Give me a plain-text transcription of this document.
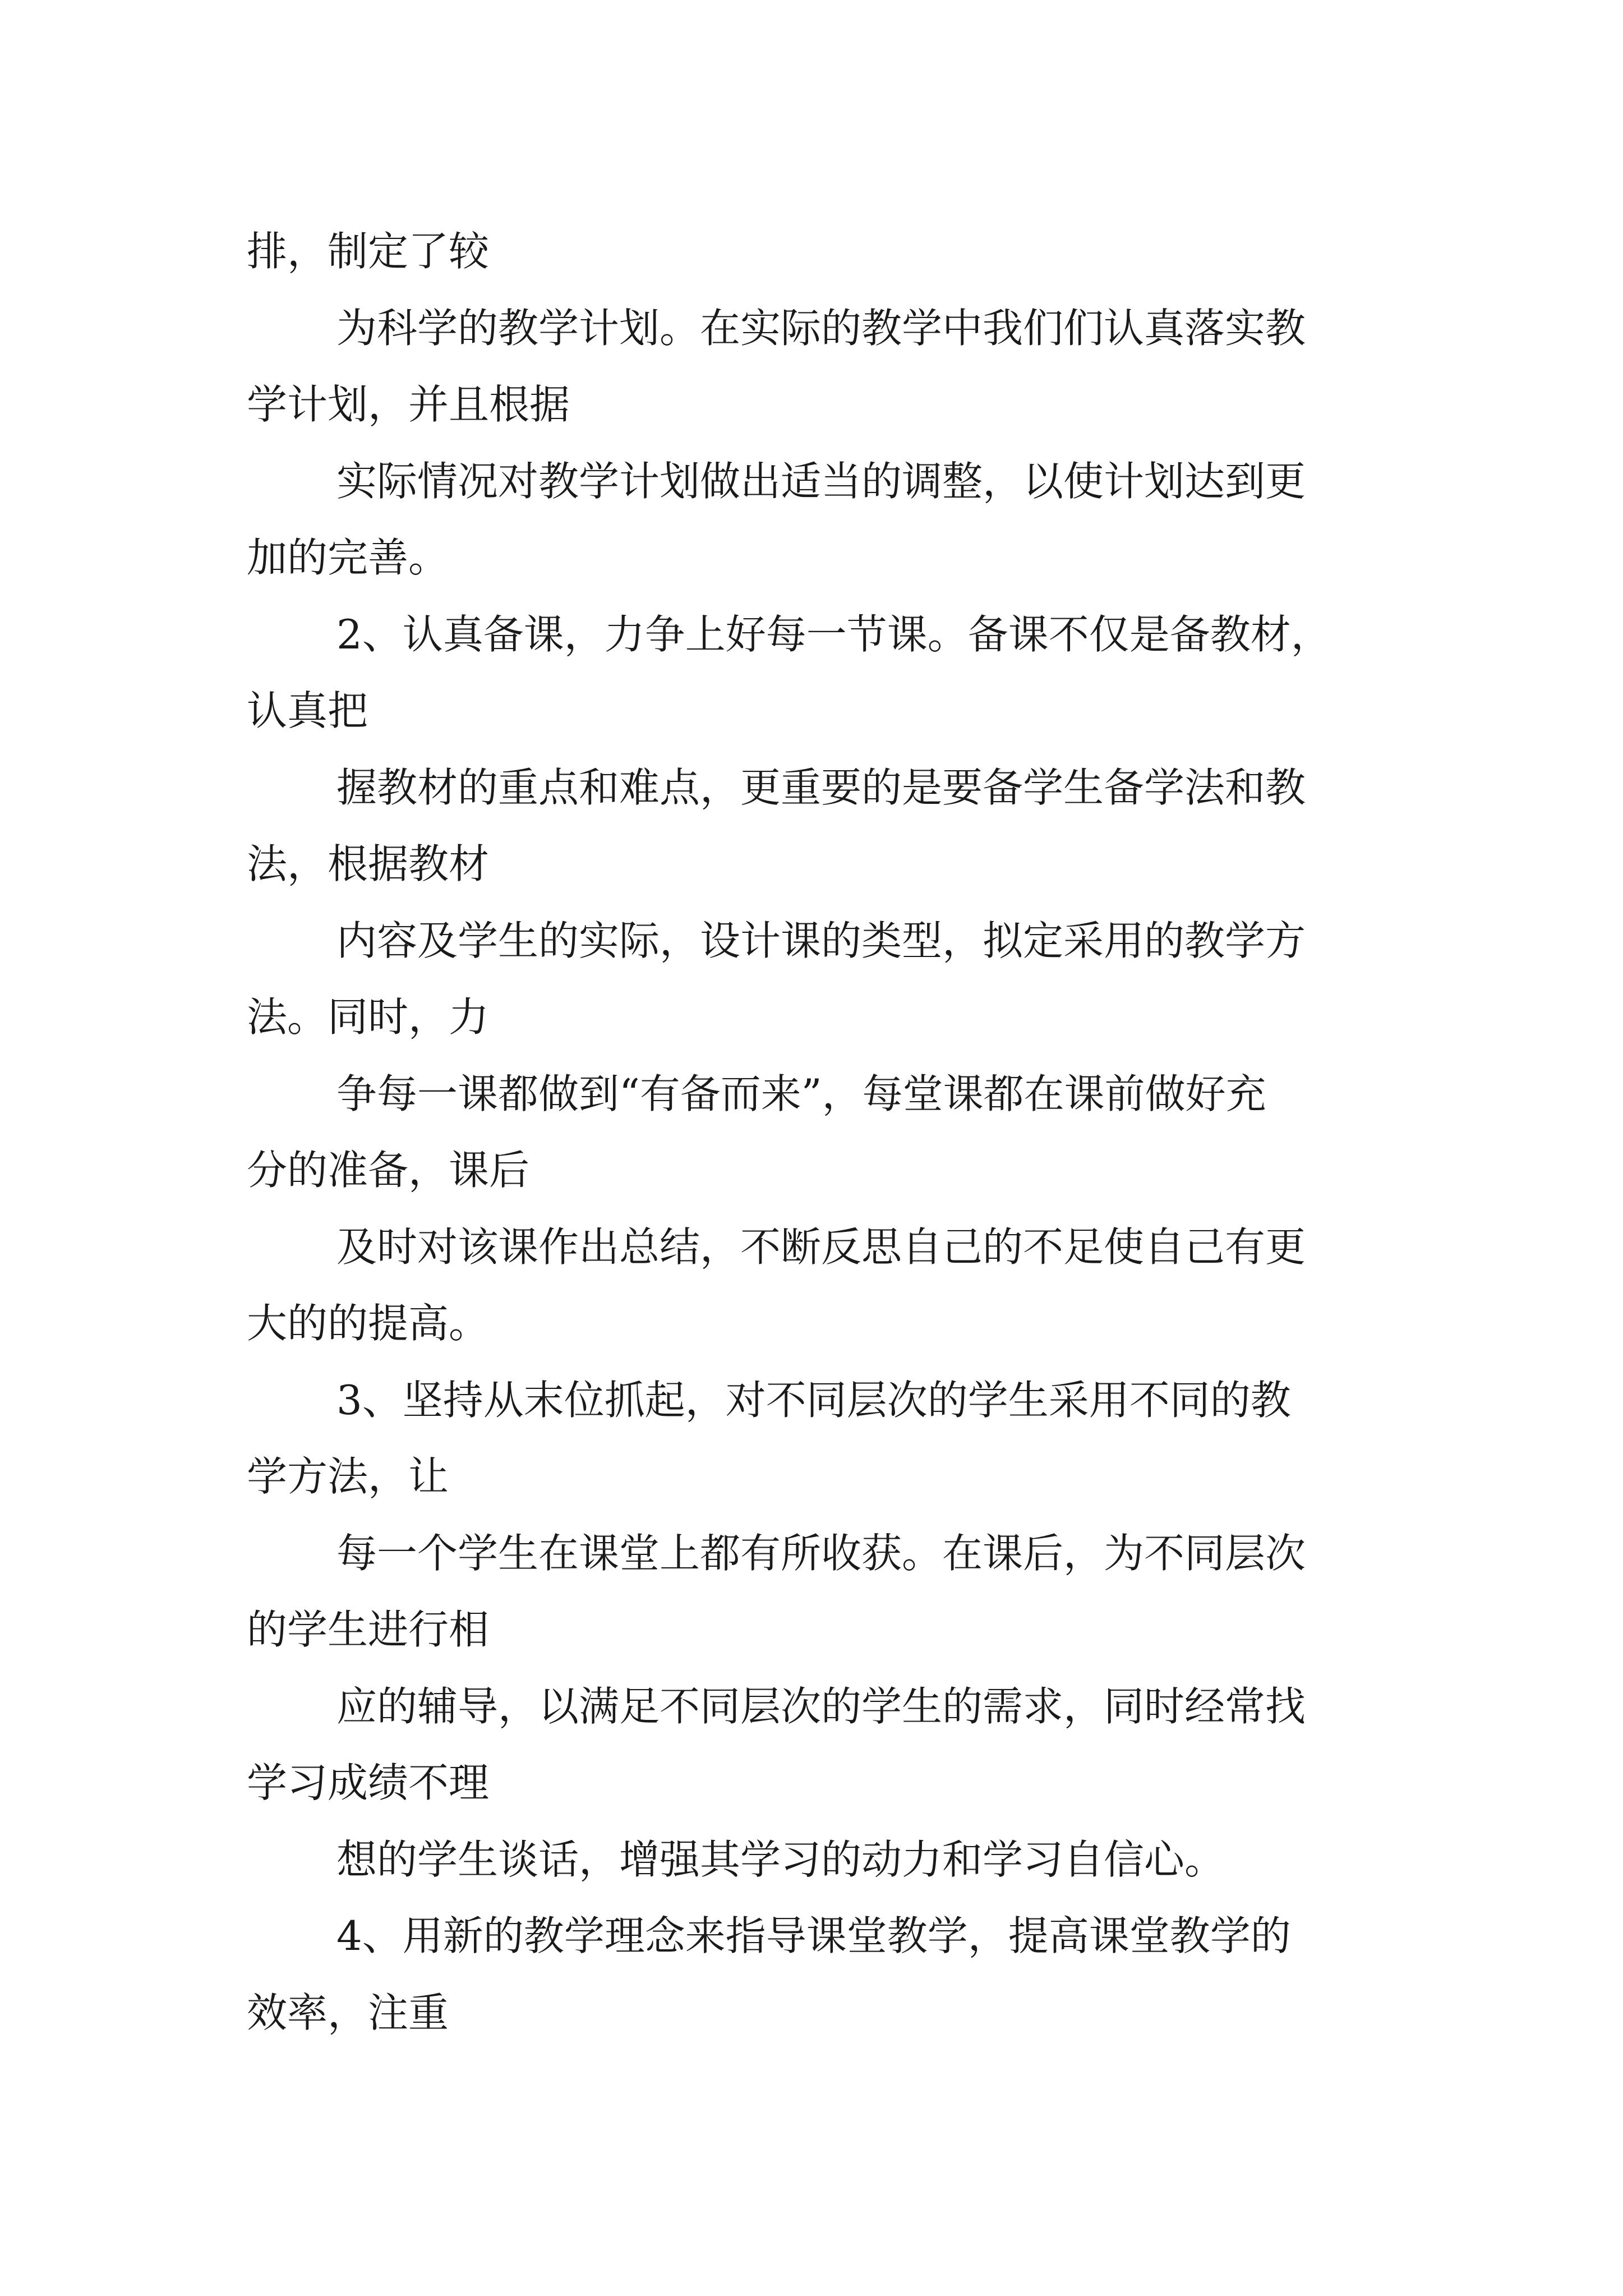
排，制定了较
为科学的教学计划。在实际的教学中我们们认真落实教
学计划，并且根据
实际情况对教学计划做出适当的调整，以使计划达到更
加的完善。
2、认真备课，力争上好每一节课。备课不仅是备教材，
认真把
握教材的重点和难点，更重要的是要备学生备学法和教
法，根据教材
内容及学生的实际，设计课的类型，拟定采用的教学方
法。同时，力
争每一课都做到“有备而来”，每堂课都在课前做好充
分的准备，课后
及时对该课作出总结，不断反思自己的不足使自己有更
大的的提高。
3、坚持从末位抓起，对不同层次的学生采用不同的教
学方法，让
每一个学生在课堂上都有所收获。在课后，为不同层次
的学生进行相
应的辅导，以满足不同层次的学生的需求，同时经常找
学习成绩不理
想的学生谈话，增强其学习的动力和学习自信心。
4、用新的教学理念来指导课堂教学，提高课堂教学的
效率，注重
